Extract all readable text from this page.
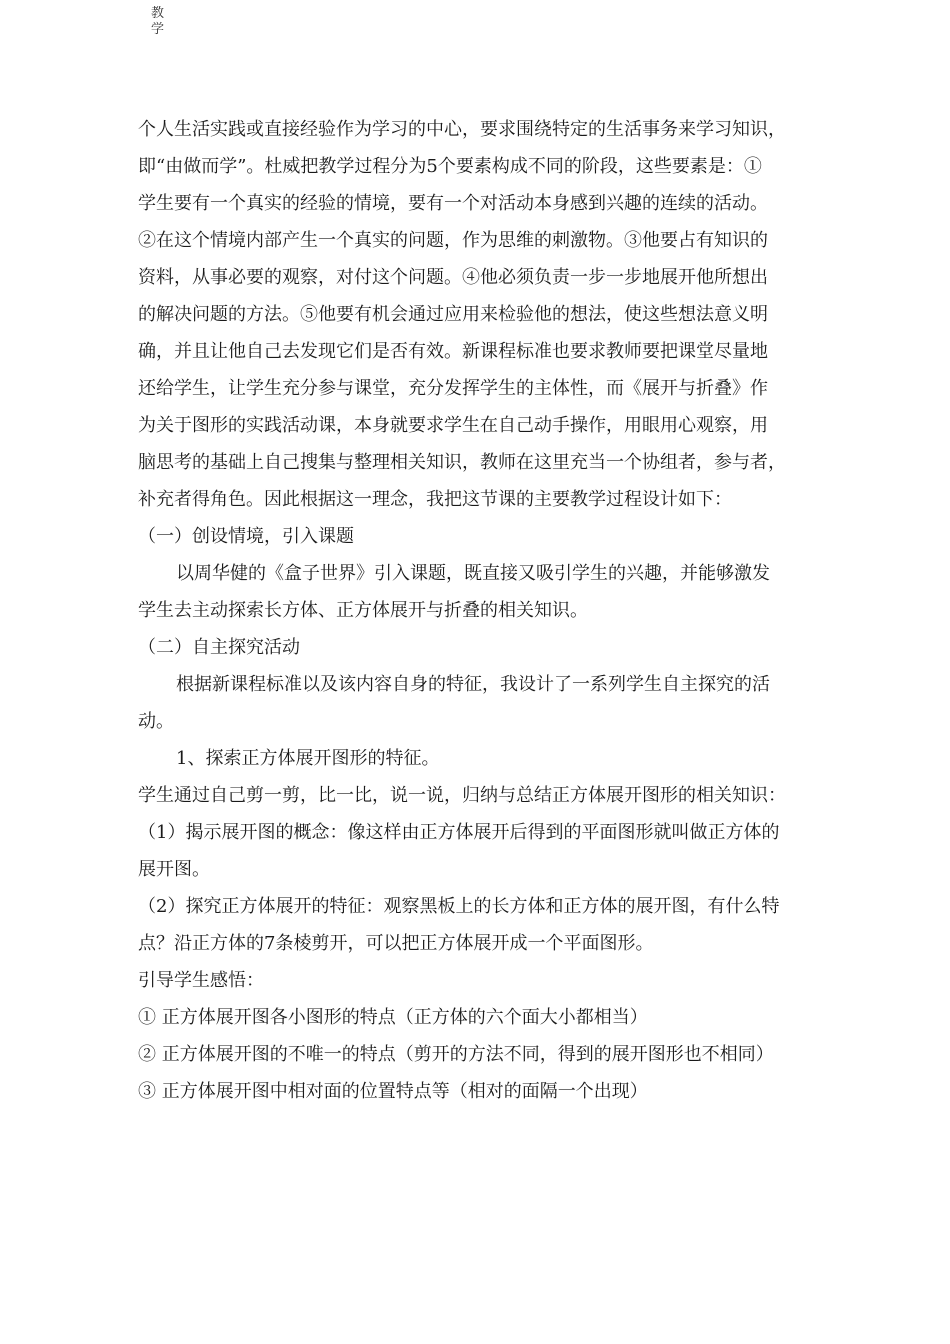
教学
个人生活实践或直接经验作为学习的中心，要求围绕特定的生活事务来学习知识，
即“由做而学”。杜威把教学过程分为5个要素构成不同的阶段，这些要素是：①
学生要有一个真实的经验的情境，要有一个对活动本身感到兴趣的连续的活动。
②在这个情境内部产生一个真实的问题，作为思维的刺激物。③他要占有知识的
资料，从事必要的观察，对付这个问题。④他必须负责一步一步地展开他所想出
的解决问题的方法。⑤他要有机会通过应用来检验他的想法，使这些想法意义明
确，并且让他自己去发现它们是否有效。新课程标准也要求教师要把课堂尽量地
还给学生，让学生充分参与课堂，充分发挥学生的主体性，而《展开与折叠》作
为关于图形的实践活动课，本身就要求学生在自己动手操作，用眼用心观察，用
脑思考的基础上自己搜集与整理相关知识，教师在这里充当一个协组者，参与者，
补充者得角色。因此根据这一理念，我把这节课的主要教学过程设计如下：
（一）创设情境，引入课题
以周华健的《盒子世界》引入课题，既直接又吸引学生的兴趣，并能够激发
学生去主动探索长方体、正方体展开与折叠的相关知识。
（二）自主探究活动
根据新课程标准以及该内容自身的特征，我设计了一系列学生自主探究的活
动。
1、探索正方体展开图形的特征。
学生通过自己剪一剪，比一比，说一说，归纳与总结正方体展开图形的相关知识：
（1）揭示展开图的概念：像这样由正方体展开后得到的平面图形就叫做正方体的
展开图。
（2）探究正方体展开的特征：观察黑板上的长方体和正方体的展开图，有什么特
点？沿正方体的7条棱剪开，可以把正方体展开成一个平面图形。
引导学生感悟：
① 正方体展开图各小图形的特点（正方体的六个面大小都相当）
② 正方体展开图的不唯一的特点（剪开的方法不同，得到的展开图形也不相同）
③ 正方体展开图中相对面的位置特点等（相对的面隔一个出现）
